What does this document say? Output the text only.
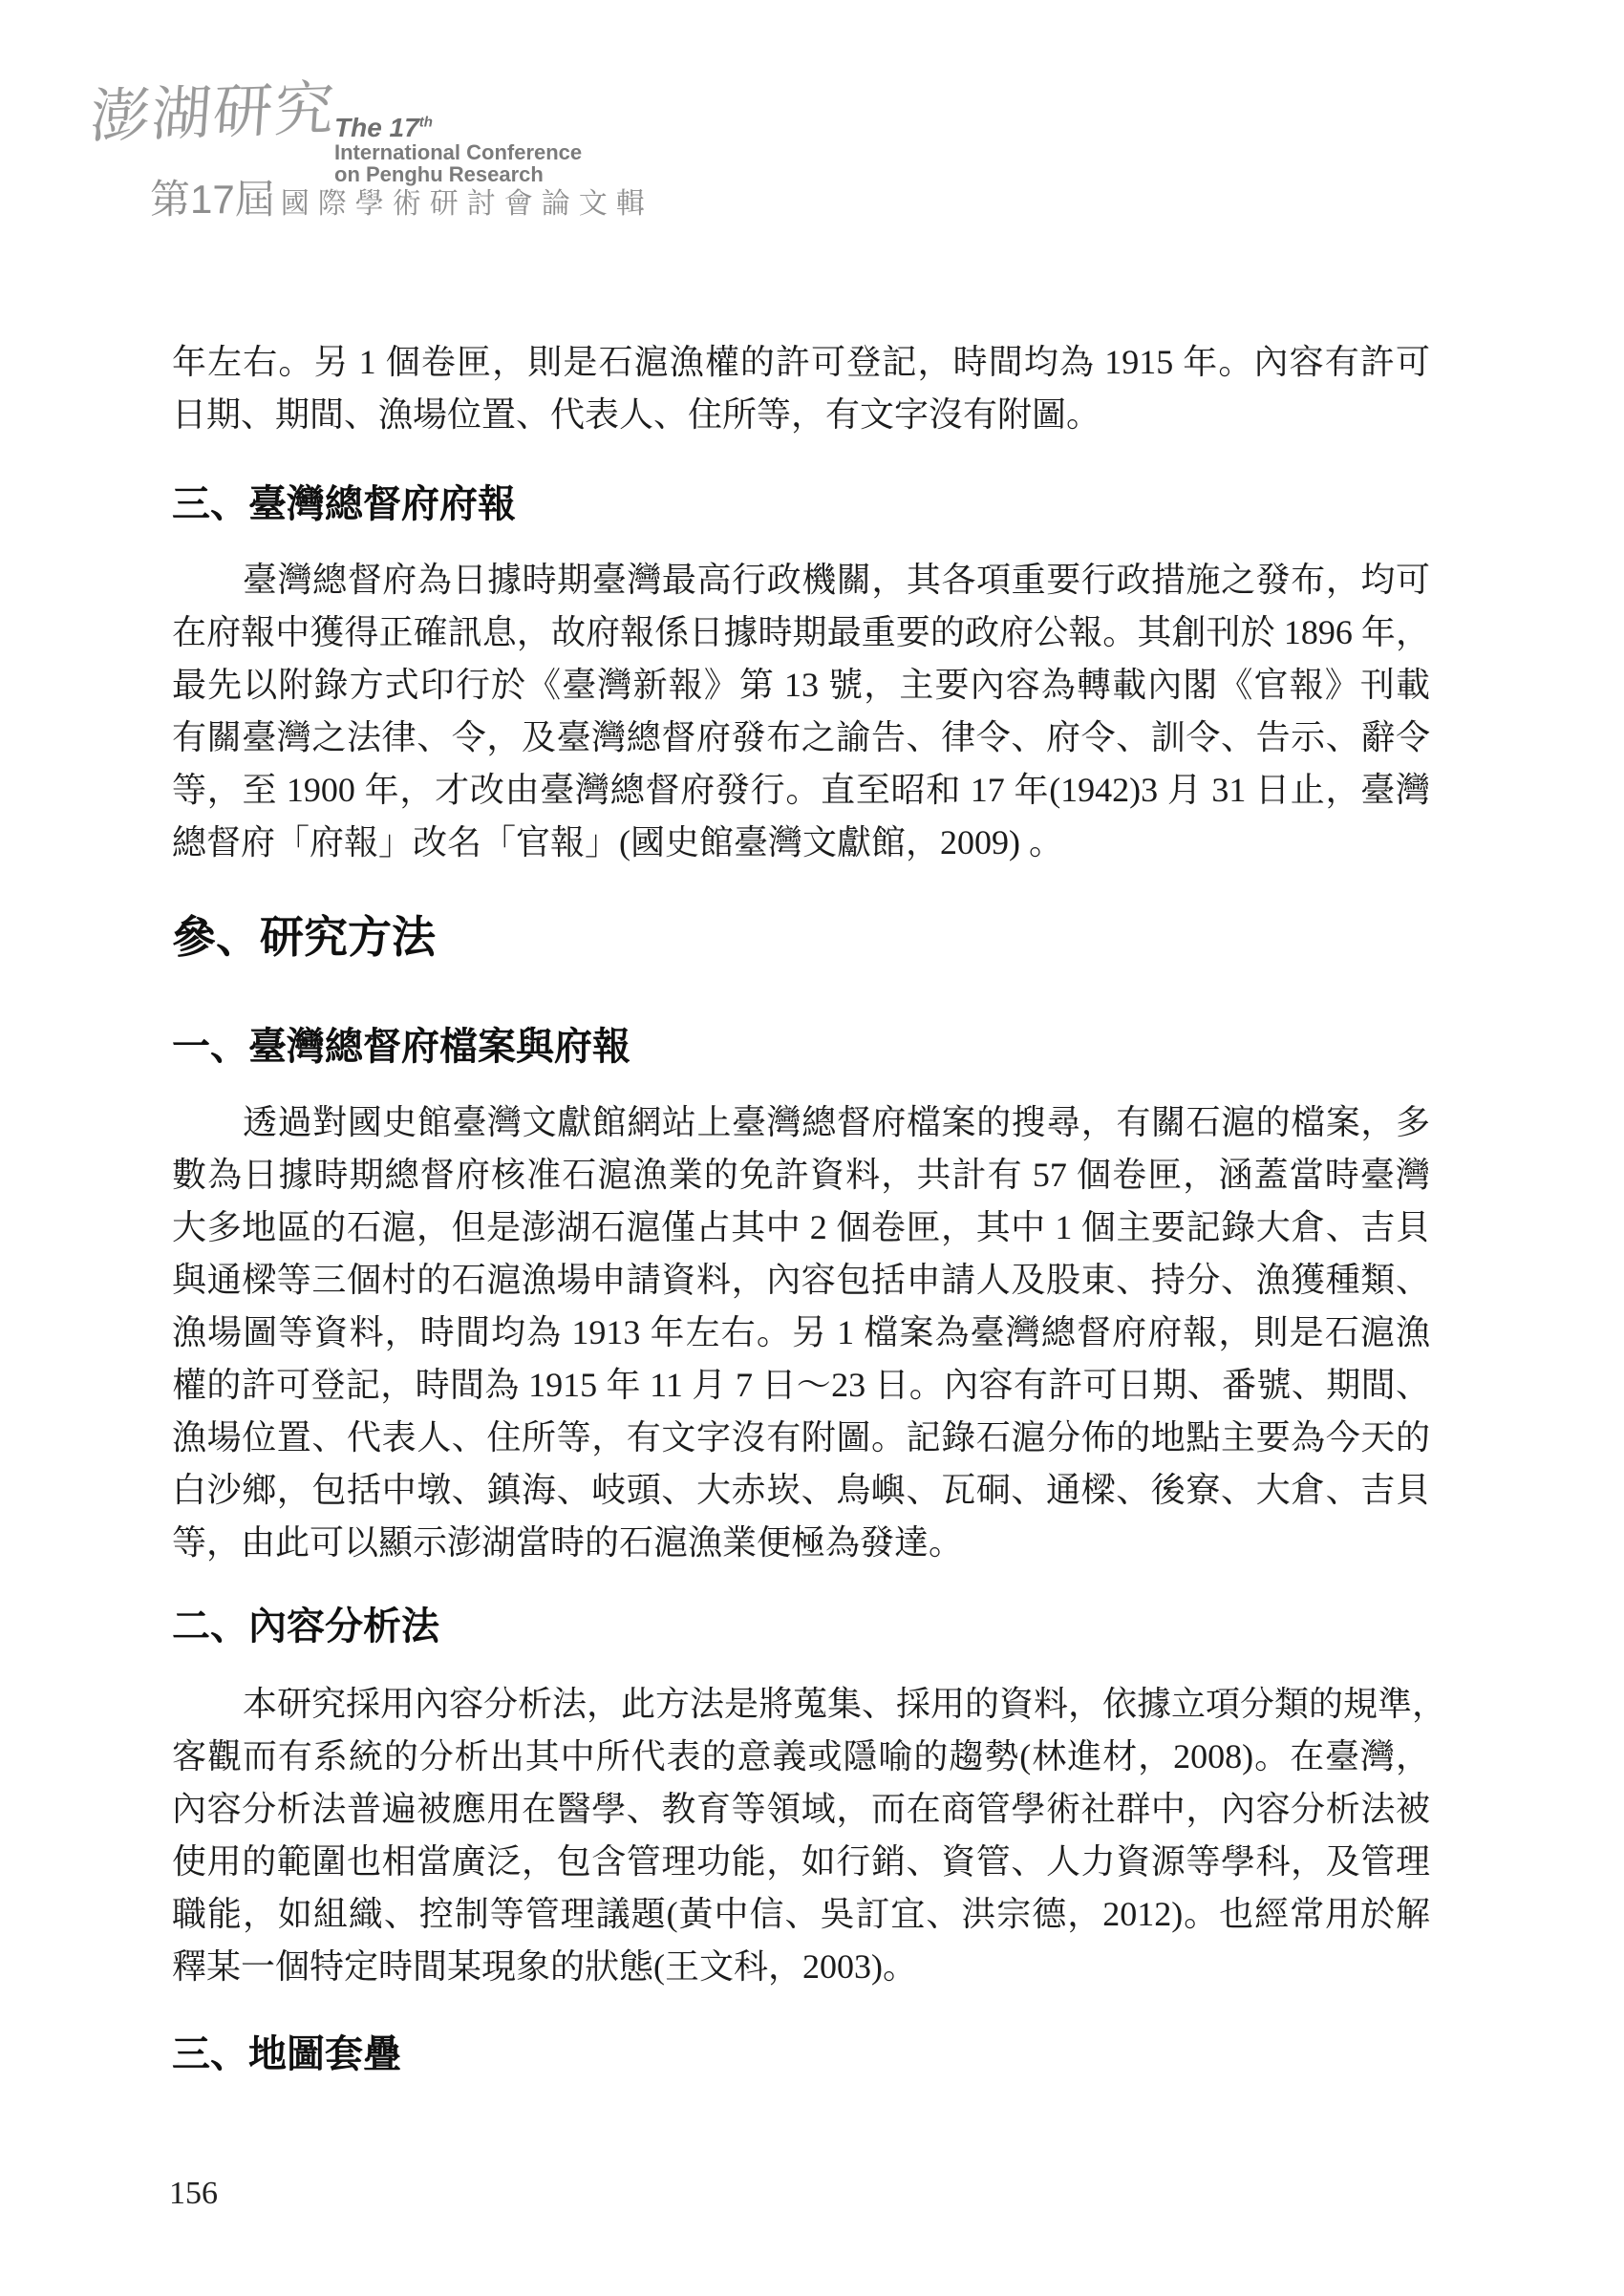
澎湖研究
The 17th
International Conference
on Penghu Research
第17屆 國際學術研討會論文輯
年左右。另 1 個卷匣，則是石滬漁權的許可登記，時間均為 1915 年。內容有許可
日期、期間、漁場位置、代表人、住所等，有文字沒有附圖。
三、臺灣總督府府報
臺灣總督府為日據時期臺灣最高行政機關，其各項重要行政措施之發布，均可
在府報中獲得正確訊息，故府報係日據時期最重要的政府公報。其創刊於 1896 年，
最先以附錄方式印行於《臺灣新報》第 13 號，主要內容為轉載內閣《官報》刊載
有關臺灣之法律、令，及臺灣總督府發布之諭告、律令、府令、訓令、告示、辭令
等，至 1900 年，才改由臺灣總督府發行。直至昭和 17 年(1942)3 月 31 日止，臺灣
總督府「府報」改名「官報」(國史館臺灣文獻館，2009) 。
參、研究方法
一、臺灣總督府檔案與府報
透過對國史館臺灣文獻館網站上臺灣總督府檔案的搜尋，有關石滬的檔案，多
數為日據時期總督府核准石滬漁業的免許資料，共計有 57 個卷匣，涵蓋當時臺灣
大多地區的石滬，但是澎湖石滬僅占其中 2 個卷匣，其中 1 個主要記錄大倉、吉貝
與通樑等三個村的石滬漁場申請資料，內容包括申請人及股東、持分、漁獲種類、
漁場圖等資料，時間均為 1913 年左右。另 1 檔案為臺灣總督府府報，則是石滬漁
權的許可登記，時間為 1915 年 11 月 7 日～23 日。內容有許可日期、番號、期間、
漁場位置、代表人、住所等，有文字沒有附圖。記錄石滬分佈的地點主要為今天的
白沙鄉，包括中墩、鎮海、岐頭、大赤崁、鳥嶼、瓦硐、通樑、後寮、大倉、吉貝
等，由此可以顯示澎湖當時的石滬漁業便極為發達。
二、內容分析法
本研究採用內容分析法，此方法是將蒐集、採用的資料，依據立項分類的規準，
客觀而有系統的分析出其中所代表的意義或隱喻的趨勢(林進材，2008)。在臺灣，
內容分析法普遍被應用在醫學、教育等領域，而在商管學術社群中，內容分析法被
使用的範圍也相當廣泛，包含管理功能，如行銷、資管、人力資源等學科，及管理
職能，如組織、控制等管理議題(黃中信、吳訂宜、洪宗德，2012)。也經常用於解
釋某一個特定時間某現象的狀態(王文科，2003)。
三、地圖套疊
156
